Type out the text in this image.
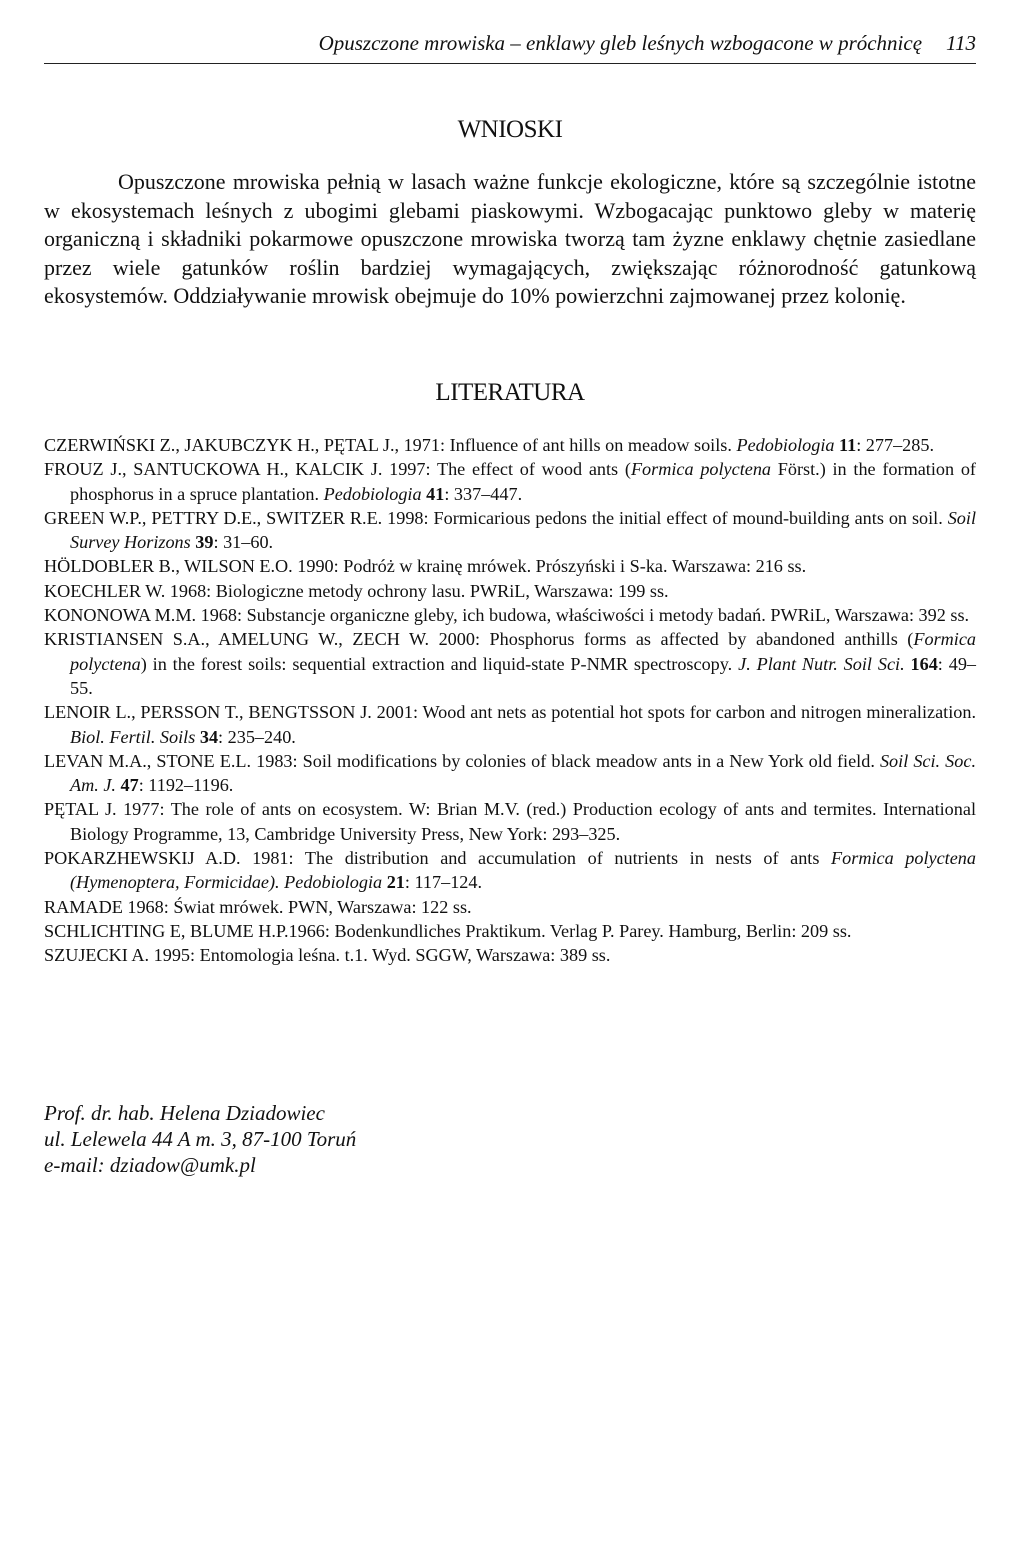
Opuszczone mrowiska – enklawy gleb leśnych wzbogacone w próchnicę 113
WNIOSKI
Opuszczone mrowiska pełnią w lasach ważne funkcje ekologiczne, które są szczególnie istotne w ekosystemach leśnych z ubogimi glebami piaskowymi. Wzbogacając punktowo gleby w materię organiczną i składniki pokarmowe opuszczone mrowiska tworzą tam żyzne enklawy chętnie zasiedlane przez wiele gatunków roślin bardziej wymagających, zwiększając różnorodność gatunkową ekosystemów. Oddziaływanie mrowisk obejmuje do 10% powierzchni zajmowanej przez kolonię.
LITERATURA
CZERWIŃSKI Z., JAKUBCZYK H., PĘTAL J., 1971: Influence of ant hills on meadow soils. Pedobiologia 11: 277–285.
FROUZ J., SANTUCKOWA H., KALCIK J. 1997: The effect of wood ants (Formica polyctena Först.) in the formation of phosphorus in a spruce plantation. Pedobiologia 41: 337–447.
GREEN W.P., PETTRY D.E., SWITZER R.E. 1998: Formicarious pedons the initial effect of mound-building ants on soil. Soil Survey Horizons 39: 31–60.
HÖLDOBLER B., WILSON E.O. 1990: Podróż w krainę mrówek. Prószyński i S-ka. Warszawa: 216 ss.
KOECHLER W. 1968: Biologiczne metody ochrony lasu. PWRiL, Warszawa: 199 ss.
KONONOWA M.M. 1968: Substancje organiczne gleby, ich budowa, właściwości i metody badań. PWRiL, Warszawa: 392 ss.
KRISTIANSEN S.A., AMELUNG W., ZECH W. 2000: Phosphorus forms as affected by abandoned anthills (Formica polyctena) in the forest soils: sequential extraction and liquid-state P-NMR spectroscopy. J. Plant Nutr. Soil Sci. 164: 49–55.
LENOIR L., PERSSON T., BENGTSSON J. 2001: Wood ant nets as potential hot spots for carbon and nitrogen mineralization. Biol. Fertil. Soils 34: 235–240.
LEVAN M.A., STONE E.L. 1983: Soil modifications by colonies of black meadow ants in a New York old field. Soil Sci. Soc. Am. J. 47: 1192–1196.
PĘTAL J. 1977: The role of ants on ecosystem. W: Brian M.V. (red.) Production ecology of ants and termites. International Biology Programme, 13, Cambridge University Press, New York: 293–325.
POKARZHEWSKIJ A.D. 1981: The distribution and accumulation of nutrients in nests of ants Formica polyctena (Hymenoptera, Formicidae). Pedobiologia 21: 117–124.
RAMADE 1968: Świat mrówek. PWN, Warszawa: 122 ss.
SCHLICHTING E, BLUME H.P.1966: Bodenkundliches Praktikum. Verlag P. Parey. Hamburg, Berlin: 209 ss.
SZUJECKI A. 1995: Entomologia leśna. t.1. Wyd. SGGW, Warszawa: 389 ss.
Prof. dr. hab. Helena Dziadowiec
ul. Lelewela 44 A m. 3, 87-100 Toruń
e-mail: dziadow@umk.pl
